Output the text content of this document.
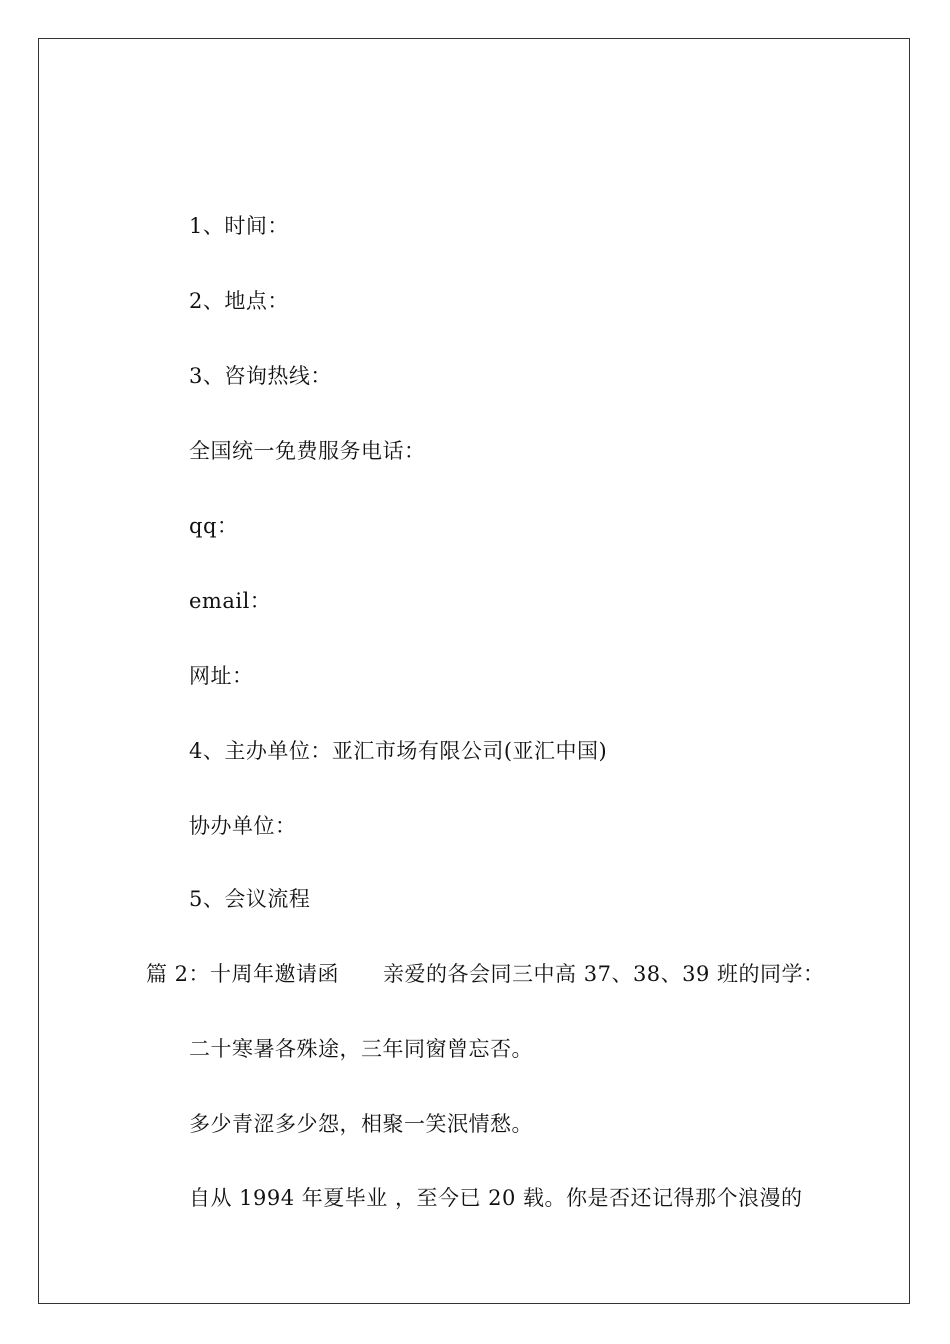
1、时间：
2、地点：
3、咨询热线：
全国统一免费服务电话：
qq：
email：
网址：
4、主办单位：亚汇市场有限公司(亚汇中国)
协办单位：
5、会议流程
篇 2：十周年邀请函 亲爱的各会同三中高 37、38、39 班的同学：
二十寒暑各殊途，三年同窗曾忘否。
多少青涩多少怨，相聚一笑泯情愁。
自从 1994 年夏毕业 ，至今已 20 载。你是否还记得那个浪漫的
